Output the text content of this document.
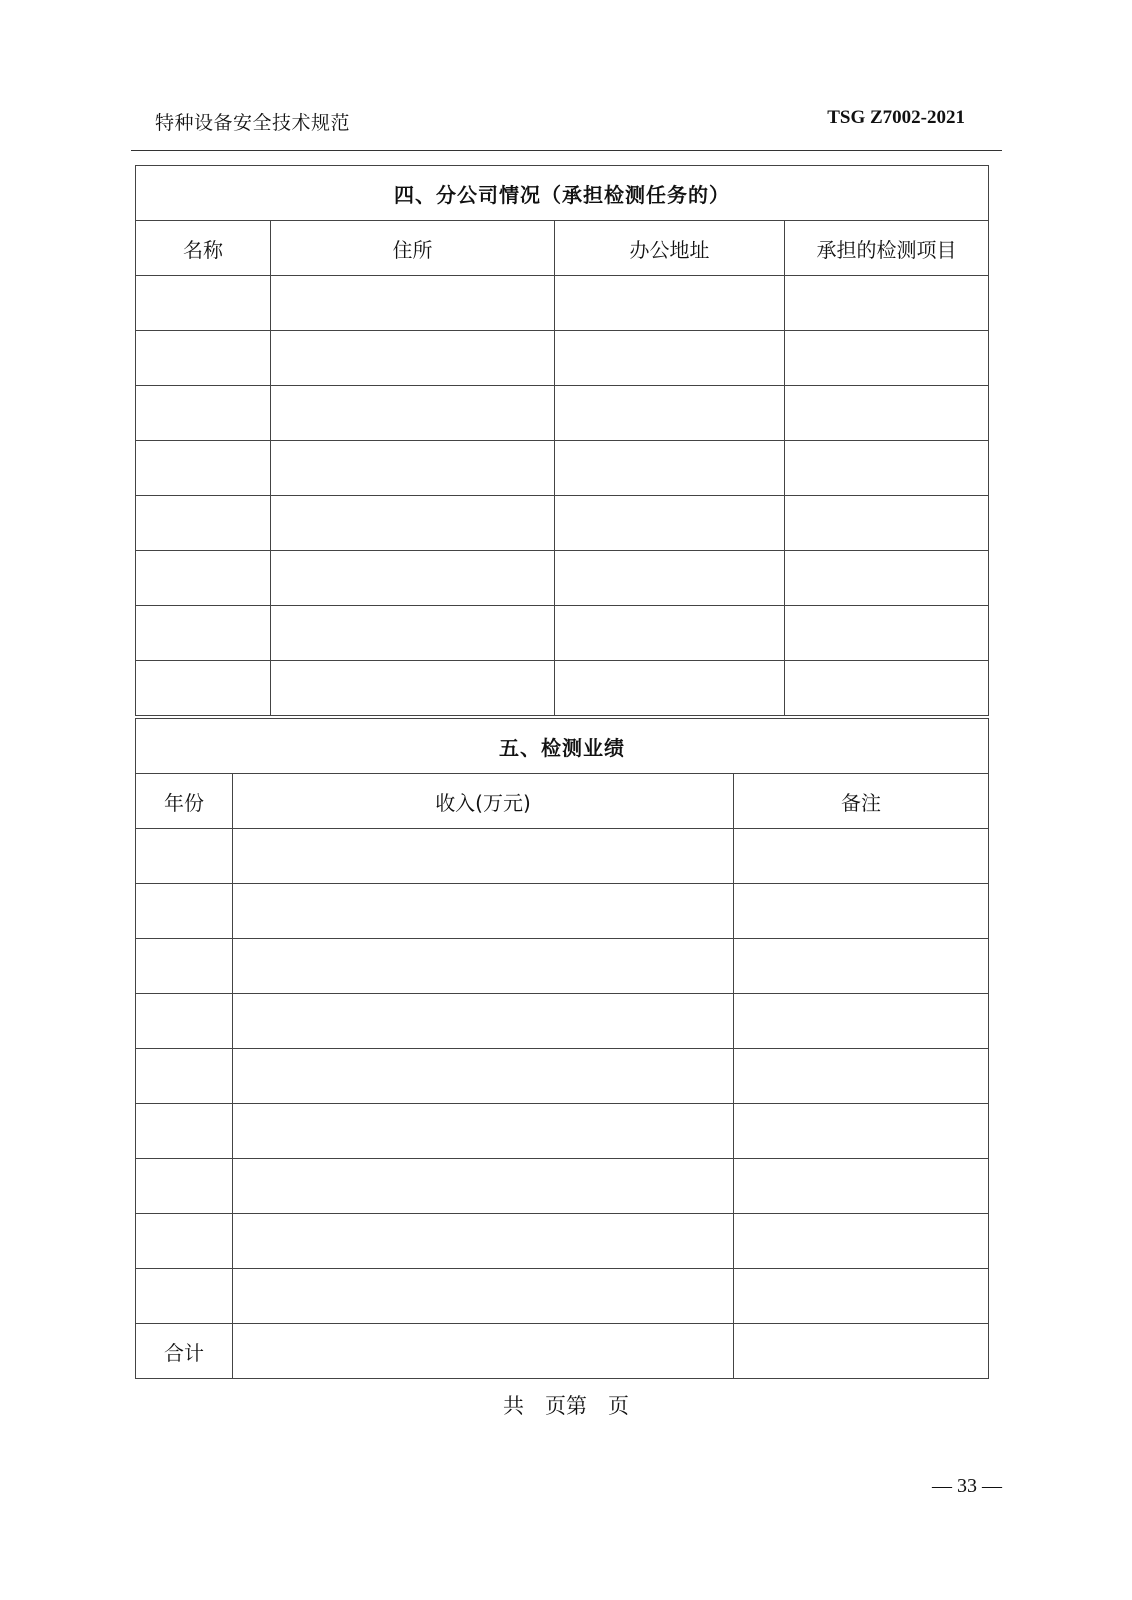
特种设备安全技术规范	TSG Z7002-2021
四、分公司情况（承担检测任务的）			
名称	住所	办公地址	承担的检测项目

五、检测业绩		
年份	收入(万元)	备注

合计		
共　页第　页
— 33 —
